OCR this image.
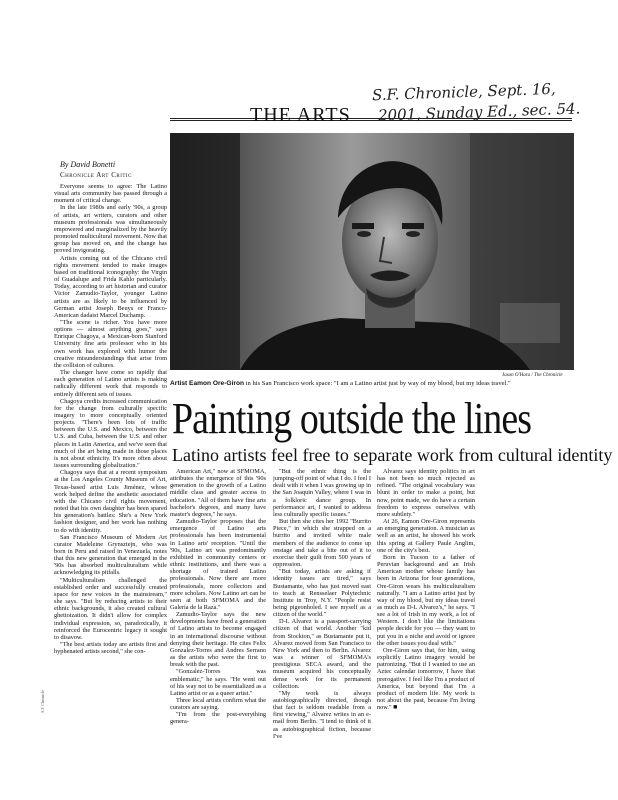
S.F. Chronicle, Sept. 16,
2001, Sunday Ed., sec. 54.
THE ARTS
By David Bonetti
Chronicle Art Critic

Everyone seems to agree: The Latino visual arts community has passed through a moment of critical change.

In the late 1980s and early '90s, a group of artists, art writers, curators and other museum professionals was simultaneously empowered and marginalized by the heavily promoted multicultural movement. Now that group has moved on, and the change has proved invigorating.

Artists coming out of the Chicano civil rights movement tended to make images based on traditional iconography: the Virgin of Guadalupe and Frida Kahlo particularly. Today, according to art historian and curator Victor Zamudio-Taylor, younger Latino artists are as likely to be influenced by German artist Joseph Beuys or Franco-American dadaist Marcel Duchamp.

"The scene is richer. You have more options — almost anything goes," says Enrique Chagoya, a Mexican-born Stanford University fine arts professor who in his own work has explored with humor the creative misunderstandings that arise from the collision of cultures.

The changer have come so rapidly that each generation of Latino artists is making radically different work that responds to entirely different sets of issues.

Chagoya credits increased communication for the change from culturally specific imagery to more conceptually oriented projects. "There's been lots of traffic between the U.S. and Mexico, between the U.S. and Cuba, between the U.S. and other places in Latin America, and we've seen that much of the art being made in those places is not about ethnicity. It's more often about issues surrounding globalization."

Chagoya says that at a recent symposium at the Los Angeles County Museum of Art, Texas-based artist Luis Jiménez, whose work helped define the aesthetic associated with the Chicano civil rights movement, noted that his own daughter has been spared his generation's battles: She's a New York fashion designer, and her work has nothing to do with identity.

San Francisco Museum of Modern Art curator Madeleine Grynsztejn, who was born in Peru and raised in Venezuela, notes that this new generation that emerged in the '90s has absorbed multiculturalism while acknowledging its pitfalls.

"Multiculturalism challenged the established order and successfully created space for new voices in the mainstream," she says. "But by reducing artists to their ethnic backgrounds, it also created cultural ghettoization. It didn't allow for complex individual expression, so, paradoxically, it reinforced the Eurocentric legacy it sought to disavow.

"The best artists today are artists first and hyphenated artists second," she con-

Jason O'Hara / The Chronicle
Artist Eamon Ore-Giron in his San Francisco work space: "I am a Latino artist just by way of my blood, but my ideas travel."
Painting outside the lines
Latino artists feel free to separate work from cultural identity

American Art," now at SFMOMA, attributes the emergence of this '90s generation to the growth of a Latino middle class and greater access to education. "All of them have fine arts bachelor's degrees, and many have master's degrees," he says.

Zamudio-Taylor proposes that the emergence of Latino arts professionals has been instrumental in Latino arts' reception. "Until the '90s, Latino art was predominantly exhibited in community centers or ethnic institutions, and there was a shortage of trained Latino professionals. Now there are more professionals, more collectors and more scholars. Now Latino art can be seen at both SFMOMA and the Galería de la Raza."

Zamudio-Taylor says the new developments have freed a generation of Latino artists to become engaged in an international discourse without denying their heritage. He cites Felix Gonzalez-Torres and Andres Serrano as the artists who were the first to break with the past.

"Gonzalez-Torres was emblematic," he says. "He went out of his way not to be essentialized as a Latino artist or as a queer artist."

Three local artists confirm what the curators are saying.

"I'm from the post-everything genera-

"But the ethnic thing is the jumping-off point of what I do. I feel I dealt with it when I was growing up in the San Joaquin Valley, where I was in a folkloric dance group. In performance art, I wanted to address less culturally specific issues."

But then she cites her 1992 "Burrito Piece," in which she strapped on a burrito and invited white male members of the audience to come up onstage and take a bite out of it to exorcise their guilt from 500 years of oppression.

"But today, artists are asking if identity issues are tired," says Bustamante, who has just moved east to teach at Rensselaer Polytechnic Institute in Troy, N.Y. "People resist being pigeonholed. I see myself as a citizen of the world."

D-L Alvarez is a passport-carrying citizen of that world. Another "kid from Stockton," as Bustamante put it, Alvarez moved from San Francisco to New York and then to Berlin. Alvarez was a winner of SFMOMA's prestigious SECA award, and the museum acquired his conceptually dense work for its permanent collection.

"My work is always autobiographically directed, though that fact is seldom readable from a first viewing," Alvarez writes in an e-mail from Berlin. "I tend to think of it as autobiographical fiction, because I've

Alvarez says identity politics in art has not been so much rejected as refined. "The original vocabulary was blunt in order to make a point, but now, point made, we do have a certain freedom to express ourselves with more subtlety."

At 26, Eamon Ore-Giron represents an emerging generation. A musician as well as an artist, he showed his work this spring at Gallery Paule Anglim, one of the city's best.

Born in Tucson to a father of Peruvian background and an Irish American mother whose family has been in Arizona for four generations, Ore-Giron wears his multiculturalism naturally. "I am a Latino artist just by way of my blood, but my ideas travel as much as D-L Alvarez's," he says. "I see a lot of Irish in my work, a lot of Western. I don't like the limitations people decide for you — they want to put you in a niche and avoid or ignore the other issues you deal with."

Ore-Giron says that, for him, using explicitly Latino imagery would be patronizing. "But if I wanted to use an Aztec calendar tomorrow, I have that prerogative. I feel like I'm a product of America, but beyond that I'm a product of modern life. My work is not about the past, because I'm living now." ■

S.F. Chronicle
